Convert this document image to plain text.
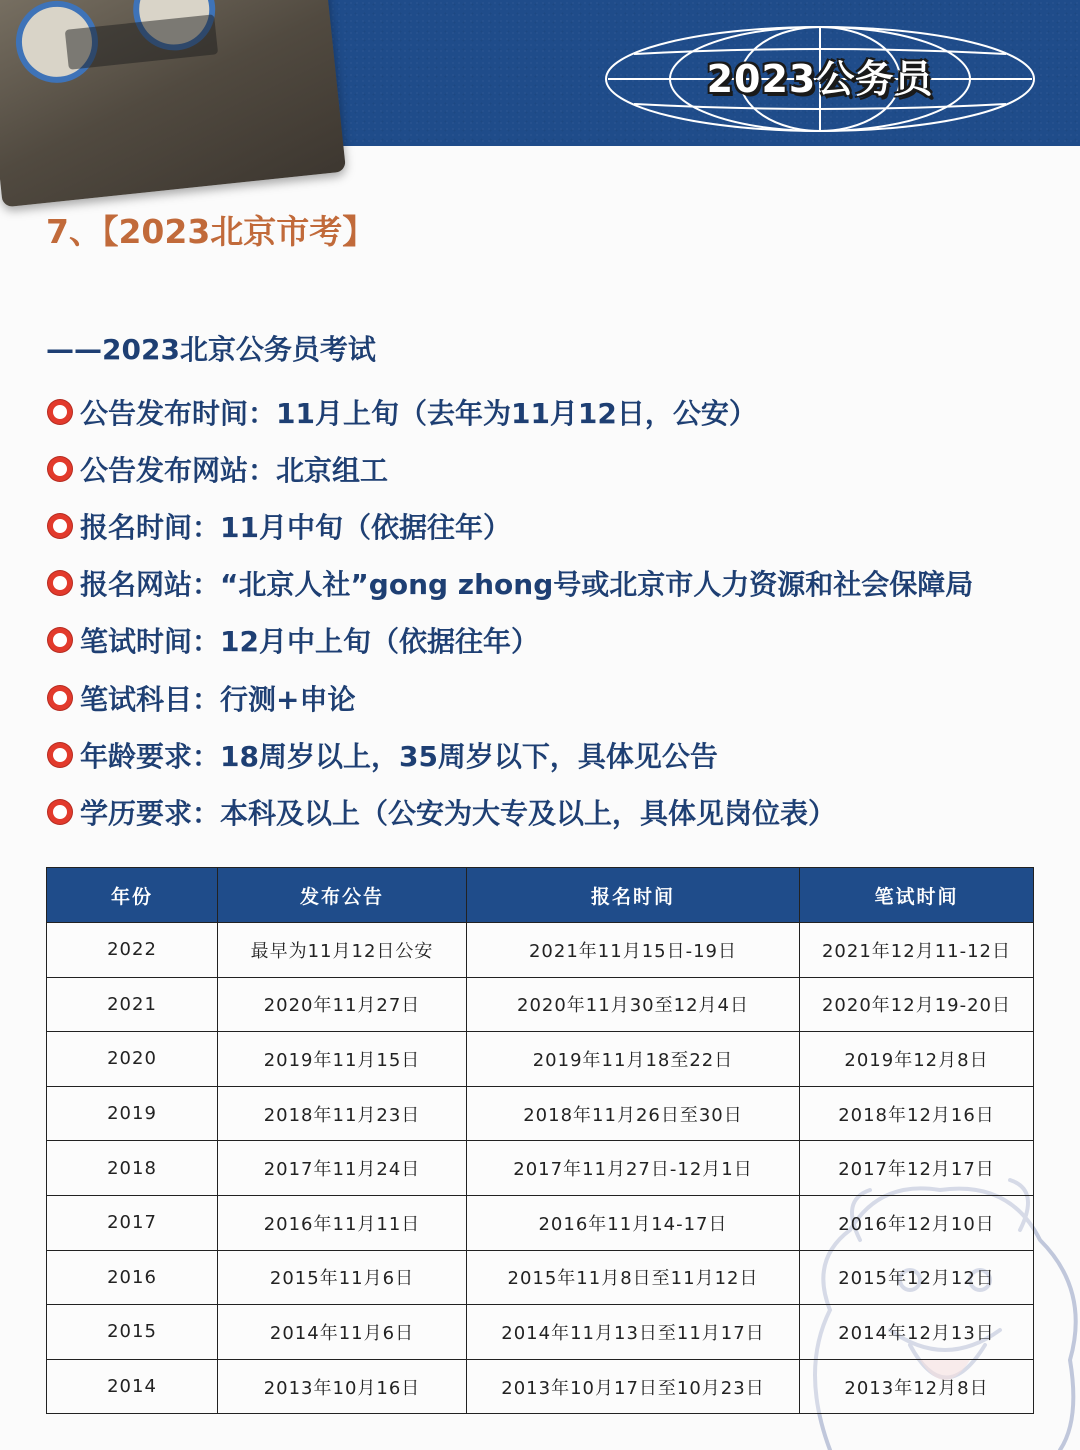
2023公务员
7、【2023北京市考】
——2023北京公务员考试
公告发布时间：11月上旬（去年为11月12日，公安）
公告发布网站：北京组工
报名时间：11月中旬（依据往年）
报名网站：“北京人社”gong zhong号或北京市人力资源和社会保障局
笔试时间：12月中上旬（依据往年）
笔试科目：行测+申论
年龄要求：18周岁以上，35周岁以下，具体见公告
学历要求：本科及以上（公安为大专及以上，具体见岗位表）
年份	发布公告	报名时间	笔试时间
2022	最早为11月12日公安	2021年11月15日-19日	2021年12月11-12日
2021	2020年11月27日	2020年11月30至12月4日	2020年12月19-20日
2020	2019年11月15日	2019年11月18至22日	2019年12月8日
2019	2018年11月23日	2018年11月26日至30日	2018年12月16日
2018	2017年11月24日	2017年11月27日-12月1日	2017年12月17日
2017	2016年11月11日	2016年11月14-17日	2016年12月10日
2016	2015年11月6日	2015年11月8日至11月12日	2015年12月12日
2015	2014年11月6日	2014年11月13日至11月17日	2014年12月13日
2014	2013年10月16日	2013年10月17日至10月23日	2013年12月8日
